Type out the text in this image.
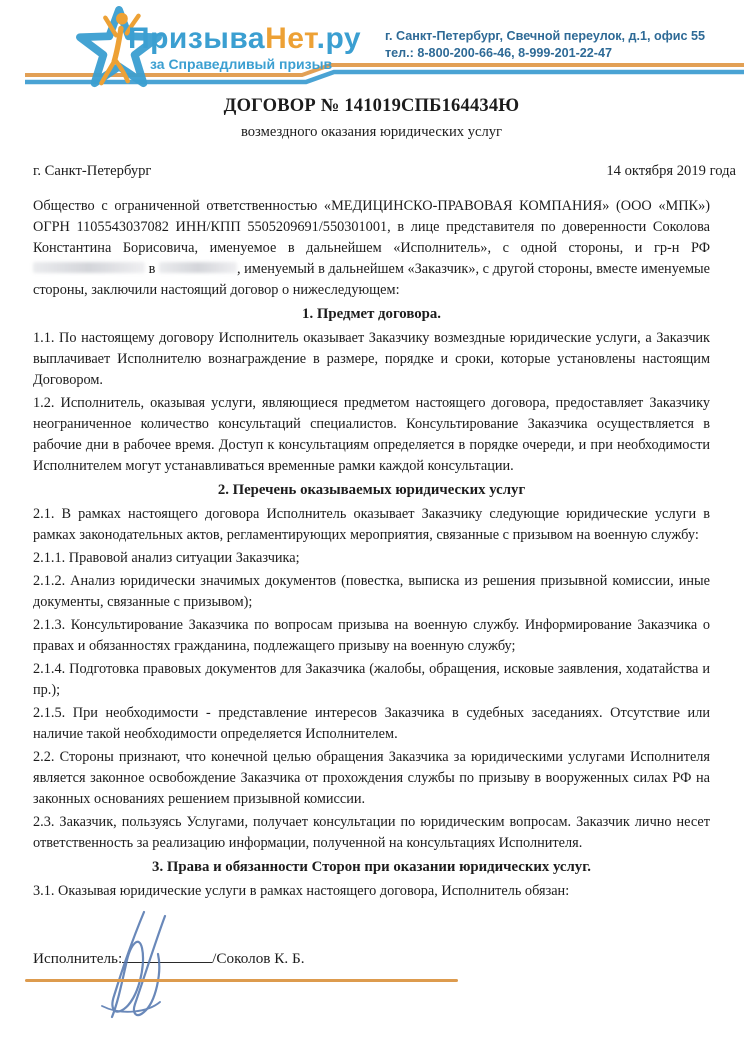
ПризываНет.ру
за Справедливый призыв
г. Санкт-Петербург, Свечной переулок, д.1, офис 55
тел.: 8-800-200-66-46, 8-999-201-22-47
ДОГОВОР № 141019СПБ164434Ю
возмездного оказания юридических услуг
г. Санкт-Петербург	14 октября 2019 года

Общество с ограниченной ответственностью «МЕДИЦИНСКО-ПРАВОВАЯ КОМПАНИЯ» (ООО «МПК») ОГРН 1105543037082 ИНН/КПП 5505209691/550301001, в лице представителя по доверенности Соколова Константина Борисовича, именуемое в дальнейшем «Исполнитель», с одной стороны, и гр-н РФ  в	, именуемый в дальнейшем «Заказчик», с другой стороны, вместе именуемые стороны, заключили настоящий договор о нижеследующем:

1. Предмет договора.

1.1. По настоящему договору Исполнитель оказывает Заказчику возмездные юридические услуги, а Заказчик выплачивает Исполнителю вознаграждение в размере, порядке и сроки, которые установлены настоящим Договором.

1.2. Исполнитель, оказывая услуги, являющиеся предметом настоящего договора, предоставляет Заказчику неограниченное количество консультаций специалистов. Консультирование Заказчика осуществляется в рабочие дни в рабочее время. Доступ к консультациям определяется в порядке очереди, и при необходимости Исполнителем могут устанавливаться временные рамки каждой консультации.

2. Перечень оказываемых юридических услуг

2.1. В рамках настоящего договора Исполнитель оказывает Заказчику следующие юридические услуги в рамках законодательных актов, регламентирующих мероприятия, связанные с призывом на военную службу:

2.1.1. Правовой анализ ситуации Заказчика;

2.1.2. Анализ юридически значимых документов (повестка, выписка из решения призывной комиссии, иные документы, связанные с призывом);

2.1.3. Консультирование Заказчика по вопросам призыва на военную службу. Информирование Заказчика о правах и обязанностях гражданина, подлежащего призыву на военную службу;

2.1.4. Подготовка правовых документов для Заказчика (жалобы, обращения, исковые заявления, ходатайства и пр.);

2.1.5. При необходимости - представление интересов Заказчика в судебных заседаниях. Отсутствие или наличие такой необходимости определяется Исполнителем.

2.2. Стороны признают, что конечной целью обращения Заказчика за юридическими услугами Исполнителя является законное освобождение Заказчика от прохождения службы по призыву в вооруженных силах РФ на законных основаниях решением призывной комиссии.

2.3. Заказчик, пользуясь Услугами, получает консультации по юридическим вопросам. Заказчик лично несет ответственность за реализацию информации, полученной на консультациях Исполнителя.

3. Права и обязанности Сторон при оказании юридических услуг.

3.1. Оказывая юридические услуги в рамках настоящего договора, Исполнитель обязан:

Исполнитель:	/Соколов К. Б.
